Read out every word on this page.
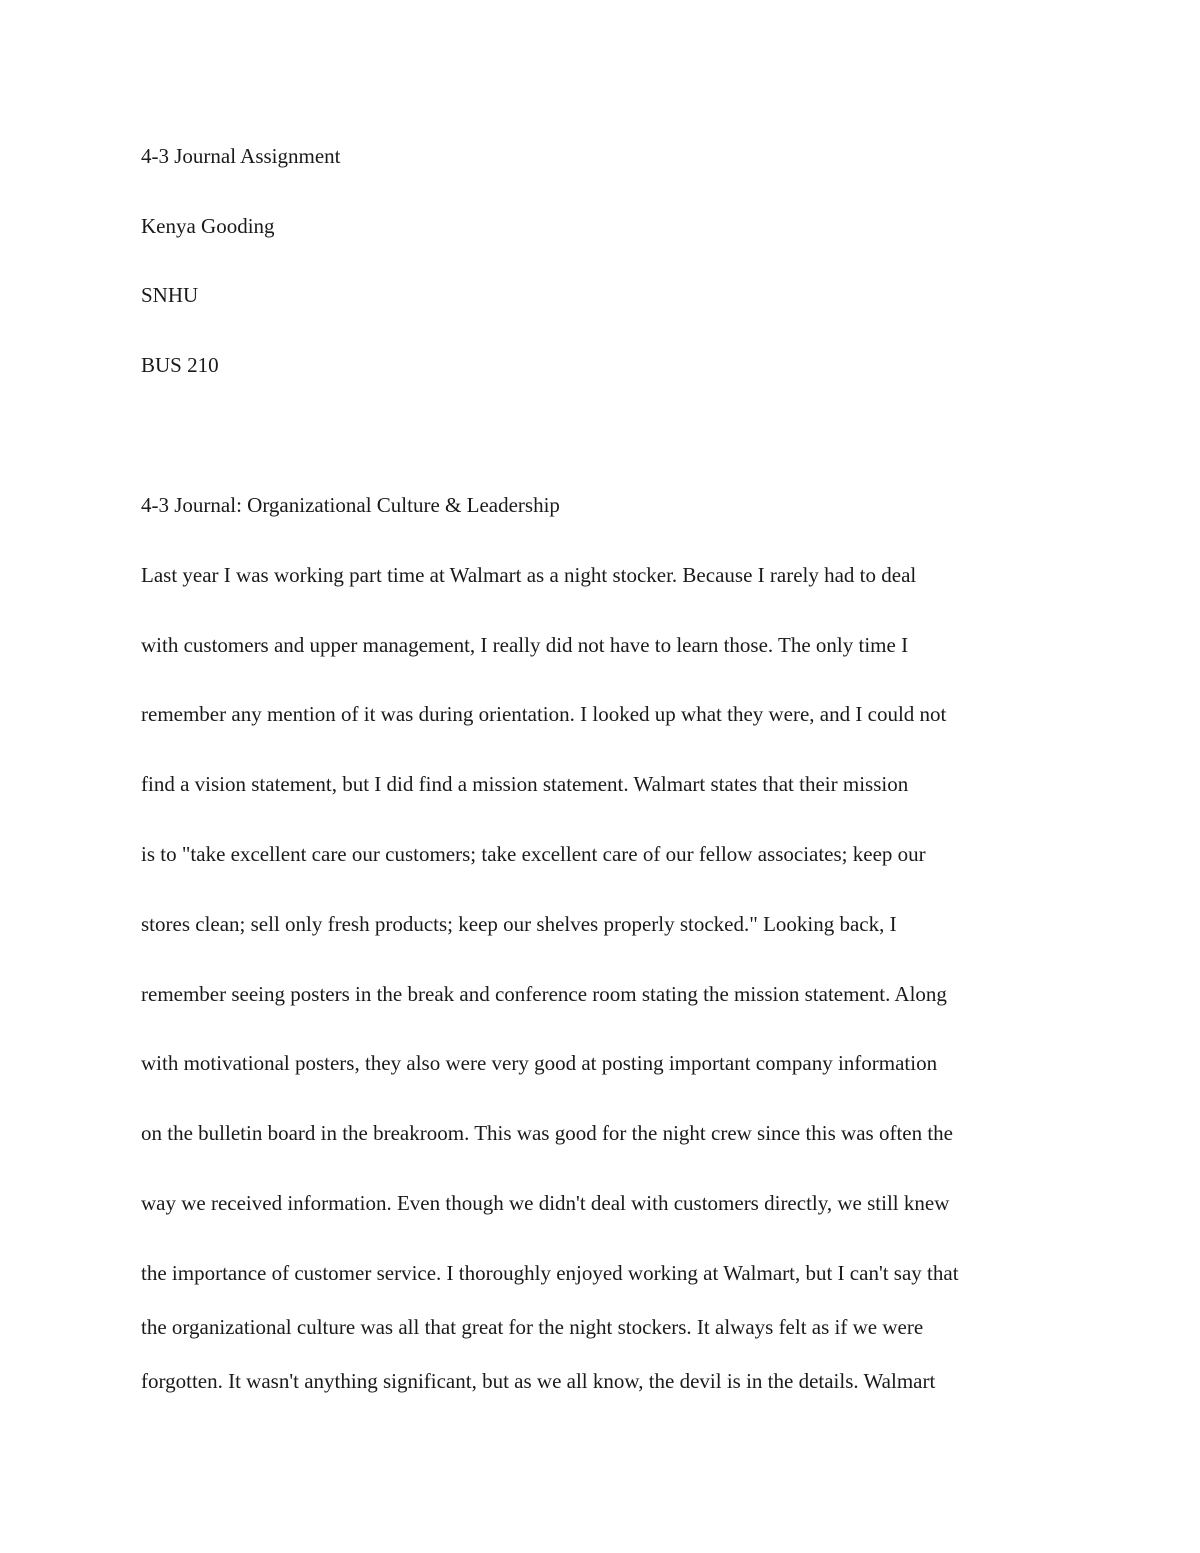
4-3 Journal Assignment
Kenya Gooding
SNHU
BUS 210
4-3 Journal: Organizational Culture & Leadership
Last year I was working part time at Walmart as a night stocker. Because I rarely had to deal
with customers and upper management, I really did not have to learn those. The only time I
remember any mention of it was during orientation. I looked up what they were, and I could not
find a vision statement, but I did find a mission statement. Walmart states that their mission
is to "take excellent care our customers; take excellent care of our fellow associates; keep our
stores clean; sell only fresh products; keep our shelves properly stocked." Looking back, I
remember seeing posters in the break and conference room stating the mission statement. Along
with motivational posters, they also were very good at posting important company information
on the bulletin board in the breakroom. This was good for the night crew since this was often the
way we received information. Even though we didn't deal with customers directly, we still knew
the importance of customer service. I thoroughly enjoyed working at Walmart, but I can't say that
the organizational culture was all that great for the night stockers. It always felt as if we were
forgotten. It wasn't anything significant, but as we all know, the devil is in the details. Walmart
